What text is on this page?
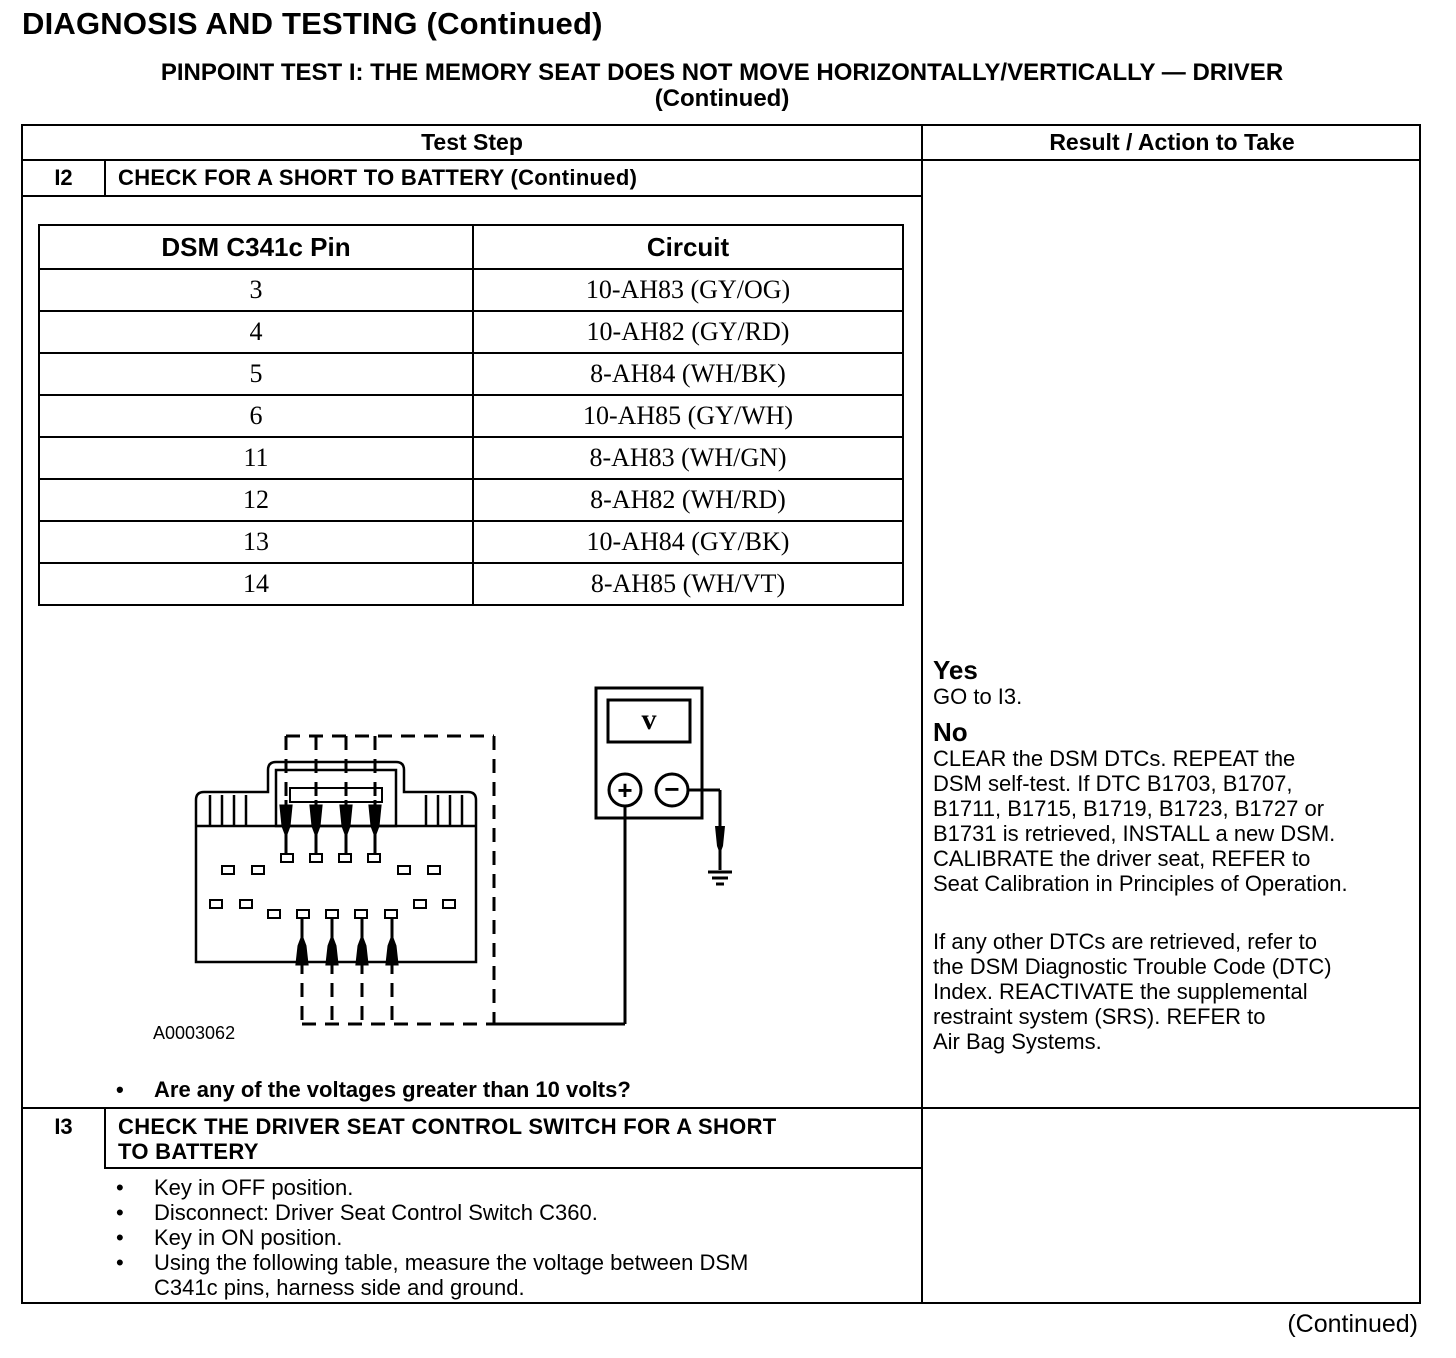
DIAGNOSIS AND TESTING (Continued)
PINPOINT TEST I: THE MEMORY SEAT DOES NOT MOVE HORIZONTALLY/VERTICALLY — DRIVER
(Continued)
Test Step	Result / Action to Take
I2	CHECK FOR A SHORT TO BATTERY (Continued)
DSM C341c Pin	Circuit
3	10-AH83 (GY/OG)
4	10-AH82 (GY/RD)
5	8-AH84 (WH/BK)
6	10-AH85 (GY/WH)
11	8-AH83 (WH/GN)
12	8-AH82 (WH/RD)
13	10-AH84 (GY/BK)
14	8-AH85 (WH/VT)
v
+ −
A0003062
• Are any of the voltages greater than 10 volts?
Yes
GO to I3.
No
CLEAR the DSM DTCs. REPEAT the
DSM self-test. If DTC B1703, B1707,
B1711, B1715, B1719, B1723, B1727 or
B1731 is retrieved, INSTALL a new DSM.
CALIBRATE the driver seat, REFER to
Seat Calibration in Principles of Operation.
If any other DTCs are retrieved, refer to
the DSM Diagnostic Trouble Code (DTC)
Index. REACTIVATE the supplemental
restraint system (SRS). REFER to
Air Bag Systems.
I3	CHECK THE DRIVER SEAT CONTROL SWITCH FOR A SHORT
TO BATTERY
• Key in OFF position.
• Disconnect: Driver Seat Control Switch C360.
• Key in ON position.
• Using the following table, measure the voltage between DSM
C341c pins, harness side and ground.
(Continued)
